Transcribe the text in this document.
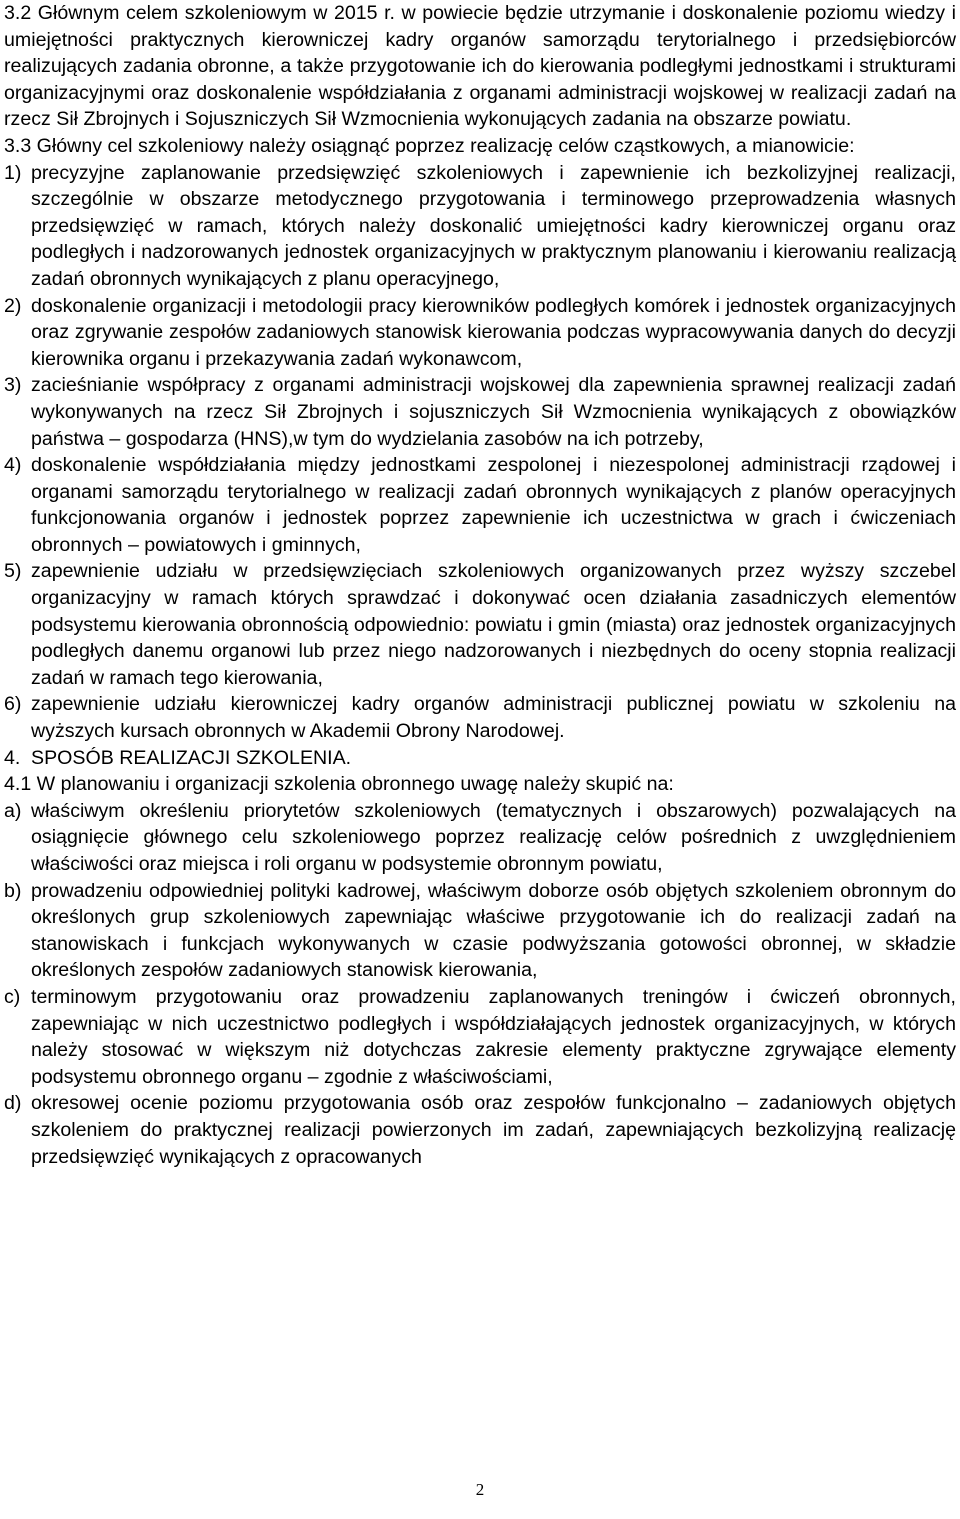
3.2 Głównym celem szkoleniowym w 2015 r. w powiecie będzie utrzymanie i doskonalenie poziomu wiedzy i umiejętności praktycznych kierowniczej kadry organów samorządu terytorialnego i przedsiębiorców realizujących zadania obronne, a także przygotowanie ich do kierowania podległymi jednostkami i strukturami organizacyjnymi oraz doskonalenie współdziałania z organami administracji wojskowej w realizacji zadań na rzecz Sił Zbrojnych i Sojuszniczych Sił Wzmocnienia wykonujących zadania na obszarze powiatu.

3.3 Główny cel szkoleniowy należy osiągnąć poprzez realizację celów cząstkowych, a mianowicie:

1) precyzyjne zaplanowanie przedsięwzięć szkoleniowych i zapewnienie ich bezkolizyjnej realizacji, szczególnie w obszarze metodycznego przygotowania i terminowego przeprowadzenia własnych przedsięwzięć w ramach, których należy doskonalić umiejętności kadry kierowniczej organu oraz podległych i nadzorowanych jednostek organizacyjnych w praktycznym planowaniu i kierowaniu realizacją zadań obronnych wynikających z planu operacyjnego,
2) doskonalenie organizacji i metodologii pracy kierowników podległych komórek i jednostek organizacyjnych oraz zgrywanie zespołów zadaniowych stanowisk kierowania podczas wypracowywania danych do decyzji kierownika organu i przekazywania zadań wykonawcom,
3) zacieśnianie współpracy z organami administracji wojskowej dla zapewnienia sprawnej realizacji zadań wykonywanych na rzecz Sił Zbrojnych i sojuszniczych Sił Wzmocnienia wynikających z obowiązków państwa – gospodarza (HNS),w tym do wydzielania zasobów na ich potrzeby,
4) doskonalenie współdziałania między jednostkami zespolonej i niezespolonej administracji rządowej i organami samorządu terytorialnego w realizacji zadań obronnych wynikających z planów operacyjnych funkcjonowania organów i jednostek poprzez zapewnienie ich uczestnictwa w grach i ćwiczeniach obronnych – powiatowych i gminnych,
5) zapewnienie udziału w przedsięwzięciach szkoleniowych organizowanych przez wyższy szczebel organizacyjny w ramach których sprawdzać i dokonywać ocen działania zasadniczych elementów podsystemu kierowania obronnością odpowiednio: powiatu i gmin (miasta) oraz jednostek organizacyjnych podległych danemu organowi lub przez niego nadzorowanych i niezbędnych do oceny stopnia realizacji zadań w ramach tego kierowania,
6) zapewnienie udziału kierowniczej kadry organów administracji publicznej powiatu w szkoleniu na wyższych kursach obronnych w Akademii Obrony Narodowej.
4. SPOSÓB REALIZACJI SZKOLENIA.

4.1 W planowaniu i organizacji szkolenia obronnego uwagę należy skupić na:

a) właściwym określeniu priorytetów szkoleniowych (tematycznych i obszarowych) pozwalających na osiągnięcie głównego celu szkoleniowego poprzez realizację celów pośrednich z uwzględnieniem właściwości oraz miejsca i roli organu w podsystemie obronnym powiatu,
b) prowadzeniu odpowiedniej polityki kadrowej, właściwym doborze osób objętych szkoleniem obronnym do określonych grup szkoleniowych zapewniając właściwe przygotowanie ich do realizacji zadań na stanowiskach i funkcjach wykonywanych w czasie podwyższania gotowości obronnej, w składzie określonych zespołów zadaniowych stanowisk kierowania,
c) terminowym przygotowaniu oraz prowadzeniu zaplanowanych treningów i ćwiczeń obronnych, zapewniając w nich uczestnictwo podległych i współdziałających jednostek organizacyjnych, w których należy stosować w większym niż dotychczas zakresie elementy praktyczne zgrywające elementy podsystemu obronnego organu – zgodnie z właściwościami,
d) okresowej ocenie poziomu przygotowania osób oraz zespołów funkcjonalno – zadaniowych objętych szkoleniem do praktycznej realizacji powierzonych im zadań, zapewniających bezkolizyjną realizację przedsięwzięć wynikających z opracowanych
2
